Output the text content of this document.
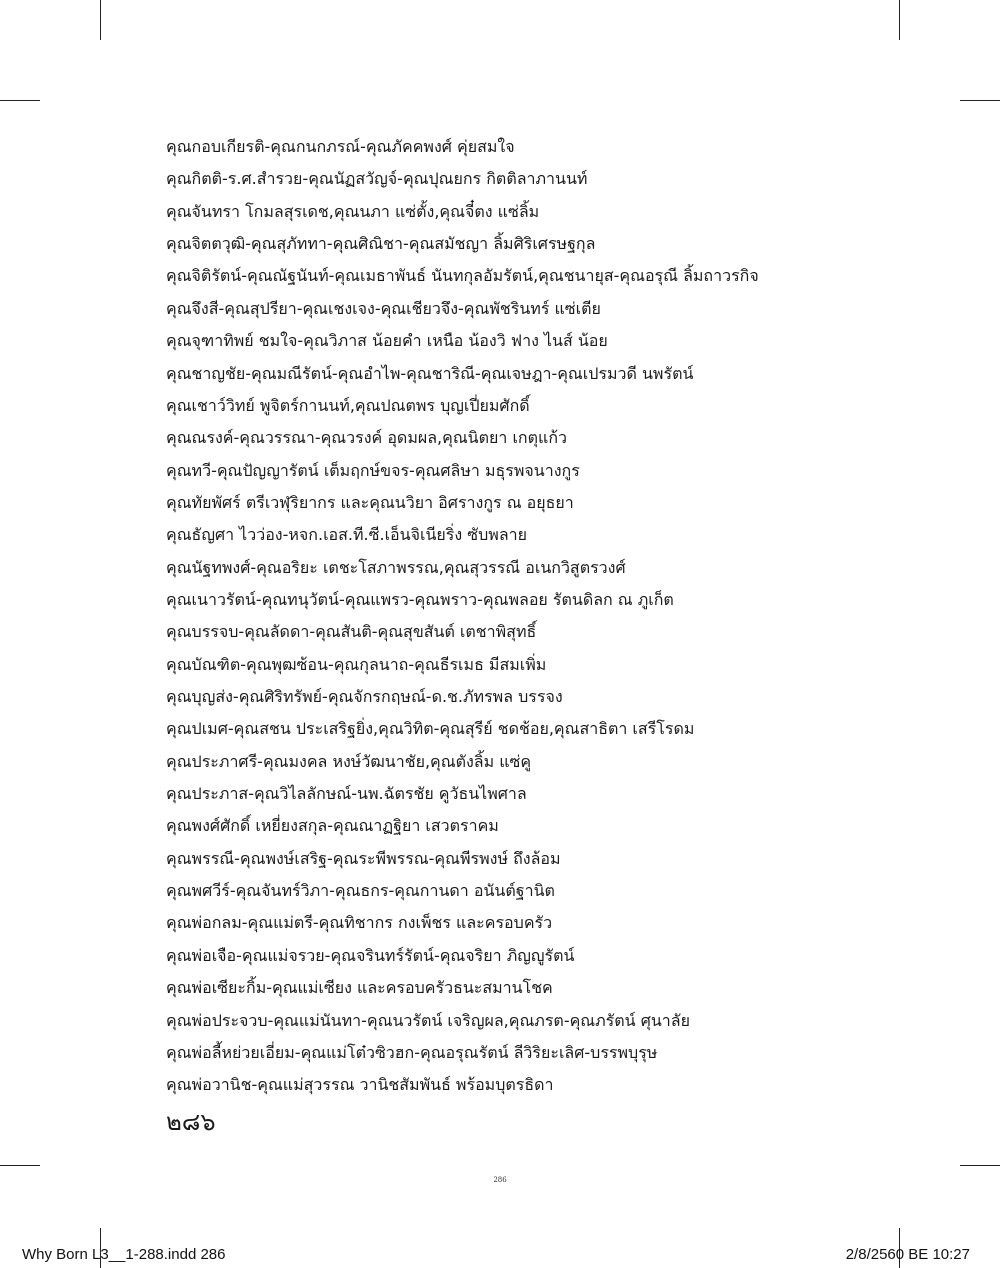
คุณกอบเกียรติ-คุณกนกภรณ์-คุณภัคคพงศ์ คุ่ยสมใจ
คุณกิตติ-ร.ศ.สำรวย-คุณนัฏสวัญจ์-คุณปุณยกร กิตติลาภานนท์
คุณจันทรา โกมลสุรเดช,คุณนภา แซ่ตั้ง,คุณจี๋ตง แซ่ลิ้ม
คุณจิตตวุฒิ-คุณสุภัททา-คุณศิณิชา-คุณสมัชญา ลิ้มศิริเศรษฐกุล
คุณจิติรัตน์-คุณณัฐนันท์-คุณเมธาพันธ์ นันทกุลอัมรัตน์,คุณชนายุส-คุณอรุณี ลิ้มถาวรกิจ
คุณจึงสี-คุณสุปรียา-คุณเชงเจง-คุณเชียวจึง-คุณพัชรินทร์ แซ่เตีย
คุณจุฑาทิพย์ ชมใจ-คุณวิภาส น้อยคำ เหนือ น้องวิ ฟาง ไนส์ น้อย
คุณชาญชัย-คุณมณีรัตน์-คุณอำไพ-คุณชาริณี-คุณเจษฎา-คุณเปรมวดี นพรัตน์
คุณเชาว์วิทย์ พูจิตร์กานนท์,คุณปณตพร บุญเปี่ยมศักดิ์
คุณณรงค์-คุณวรรณา-คุณวรงค์ อุดมผล,คุณนิตยา เกตุแก้ว
คุณทวี-คุณปัญญารัตน์ เต็มฤกษ์ขจร-คุณศลิษา มธุรพจนางกูร
คุณทัยพัศร์ ตรีเวฬุริยากร และคุณนวิยา อิศรางกูร ณ อยุธยา
คุณธัญศา ไวว่อง-หจก.เอส.ที.ซี.เอ็นจิเนียริ่ง ซับพลาย
คุณนัฐทพงศ์-คุณอริยะ เตชะโสภาพรรณ,คุณสุวรรณี อเนกวิสูตรวงศ์
คุณเนาวรัตน์-คุณทนุวัตน์-คุณแพรว-คุณพราว-คุณพลอย รัตนดิลก ณ ภูเก็ต
คุณบรรจบ-คุณลัดดา-คุณสันติ-คุณสุขสันต์ เตชาพิสุทธิ์
คุณบัณฑิต-คุณพุฒซ้อน-คุณกุลนาถ-คุณธีรเมธ มีสมเพิ่ม
คุณบุญส่ง-คุณศิริทรัพย์-คุณจักรกฤษณ์-ด.ช.ภัทรพล บรรจง
คุณปเมศ-คุณสชน ประเสริฐยิ่ง,คุณวิทิต-คุณสุรีย์ ชดช้อย,คุณสาธิตา เสรีโรดม
คุณประภาศรี-คุณมงคล หงษ์วัฒนาชัย,คุณตังลิ้ม แซ่คู
คุณประภาส-คุณวิไลลักษณ์-นพ.ฉัตรชัย คูวัธนไพศาล
คุณพงศ์ศักดิ์ เหยี่ยงสกุล-คุณณาฏฐิยา เสวตราคม
คุณพรรณี-คุณพงษ์เสริฐ-คุณระพีพรรณ-คุณพีรพงษ์ ถึงล้อม
คุณพศวีร์-คุณจันทร์วิภา-คุณธกร-คุณกานดา อนันต์ฐานิต
คุณพ่อกลม-คุณแม่ตรี-คุณทิชากร กงเพ็ชร และครอบครัว
คุณพ่อเจือ-คุณแม่จรวย-คุณจรินทร์รัตน์-คุณจริยา ภิญญูรัตน์
คุณพ่อเซียะกิ้ม-คุณแม่เซียง และครอบครัวธนะสมานโชค
คุณพ่อประจวบ-คุณแม่นันทา-คุณนวรัตน์ เจริญผล,คุณภรต-คุณภรัตน์ ศุนาลัย
คุณพ่อลี้หย่วยเอี่ยม-คุณแม่โต๋วซิวฮก-คุณอรุณรัตน์ ลีวิริยะเลิศ-บรรพบุรุษ
คุณพ่อวานิช-คุณแม่สุวรรณ วานิชสัมพันธ์ พร้อมบุตรธิดา
๒๘๖
286
Why Born L3__1-288.indd 286	2/8/2560 BE 10:27
